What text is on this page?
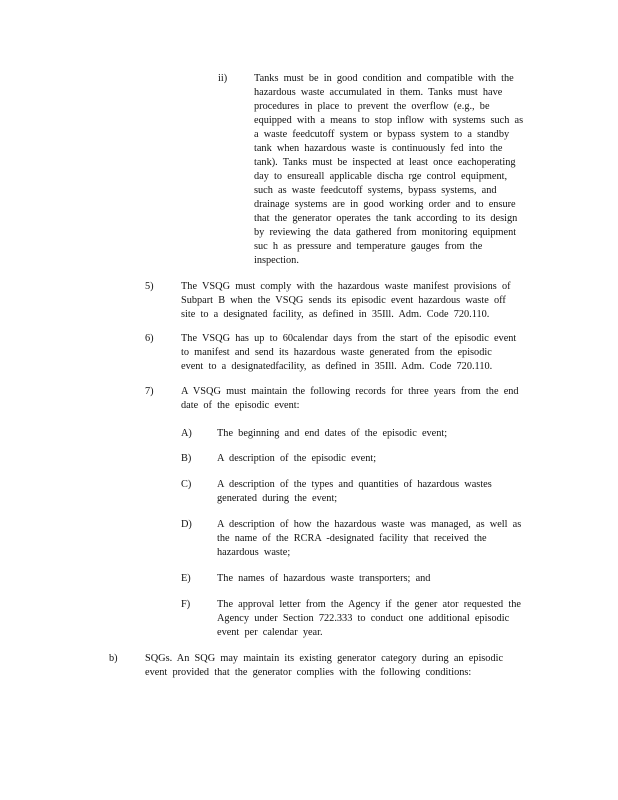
ii)	Tanks must be in good condition and compatible with the
hazardous waste accumulated in them. Tanks must have
procedures in place to prevent the overflow (e.g., be
equipped with a means to stop inflow with systems such as
a waste feedcutoff system or bypass system to a standby
tank when hazardous waste is continuously fed into the
tank). Tanks must be inspected at least once eachoperating
day to ensureall applicable discha rge control equipment,
such as waste feedcutoff systems, bypass systems, and
drainage systems are in good working order and to ensure
that the generator operates the tank according to its design
by reviewing the data gathered from monitoring equipment
suc h as pressure and temperature gauges from the
inspection.
5)	The VSQG must comply with the hazardous waste manifest provisions of
Subpart B when the VSQG sends its episodic event hazardous waste off
site to a designated facility, as defined in 35Ill. Adm. Code 720.110.
6)	The VSQG has up to 60calendar days from the start of the episodic event
to manifest and send its hazardous waste generated from the episodic
event to a designatedfacility, as defined in 35Ill. Adm. Code 720.110.
7)	A VSQG must maintain the following records for three years from the end
date of the episodic event:
A) The beginning and end dates of the episodic event;
B) A description of the episodic event;
C) A description of the types and quantities of hazardous wastes
generated during the event;
D) A description of how the hazardous waste was managed, as well as
the name of the RCRA -designated facility that received the
hazardous waste;
E)	The names of hazardous waste transporters; and
F)	The approval letter from the Agency if the gener ator requested the
Agency under Section 722.333 to conduct one additional episodic
event per calendar year.
b)	SQGs. An SQG may maintain its existing generator category during an episodic
event provided that the generator complies with the following conditions:
